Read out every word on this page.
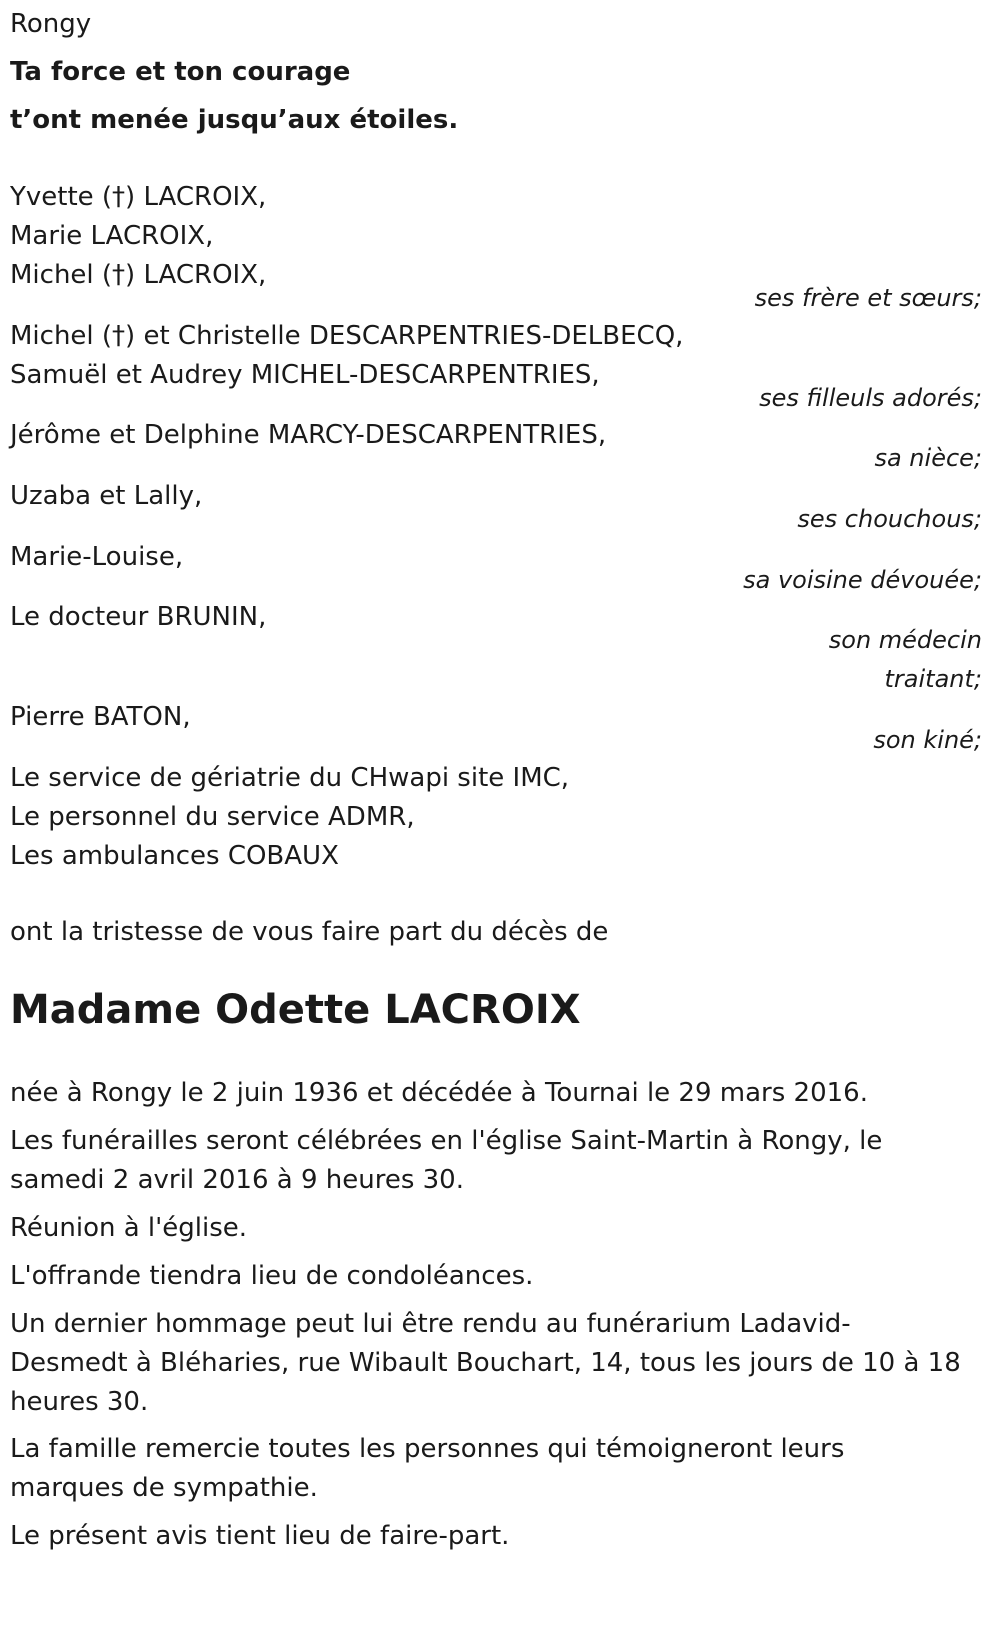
Rongy

Ta force et ton courage

t’ont menée jusqu’aux étoiles.

Yvette (†) LACROIX,

Marie LACROIX,

Michel (†) LACROIX,

ses frère et sœurs;

Michel (†) et Christelle DESCARPENTRIES-DELBECQ,

Samuël et Audrey MICHEL-DESCARPENTRIES,

ses filleuls adorés;

Jérôme et Delphine MARCY-DESCARPENTRIES,

sa nièce;

Uzaba et Lally,

ses chouchous;

Marie-Louise,

sa voisine dévouée;

Le docteur BRUNIN,

son médecin
traitant;

Pierre BATON,

son kiné;

Le service de gériatrie du CHwapi site IMC,

Le personnel du service ADMR,

Les ambulances COBAUX

ont la tristesse de vous faire part du décès de

Madame Odette LACROIX

née à Rongy le 2 juin 1936 et décédée à Tournai le 29 mars 2016.

Les funérailles seront célébrées en l'église Saint-Martin à Rongy, le

samedi 2 avril 2016 à 9 heures 30.

Réunion à l'église.

L'offrande tiendra lieu de condoléances.

Un dernier hommage peut lui être rendu au funérarium Ladavid-

Desmedt à Bléharies, rue Wibault Bouchart, 14, tous les jours de 10 à 18

heures 30.

La famille remercie toutes les personnes qui témoigneront leurs

marques de sympathie.

Le présent avis tient lieu de faire-part.
